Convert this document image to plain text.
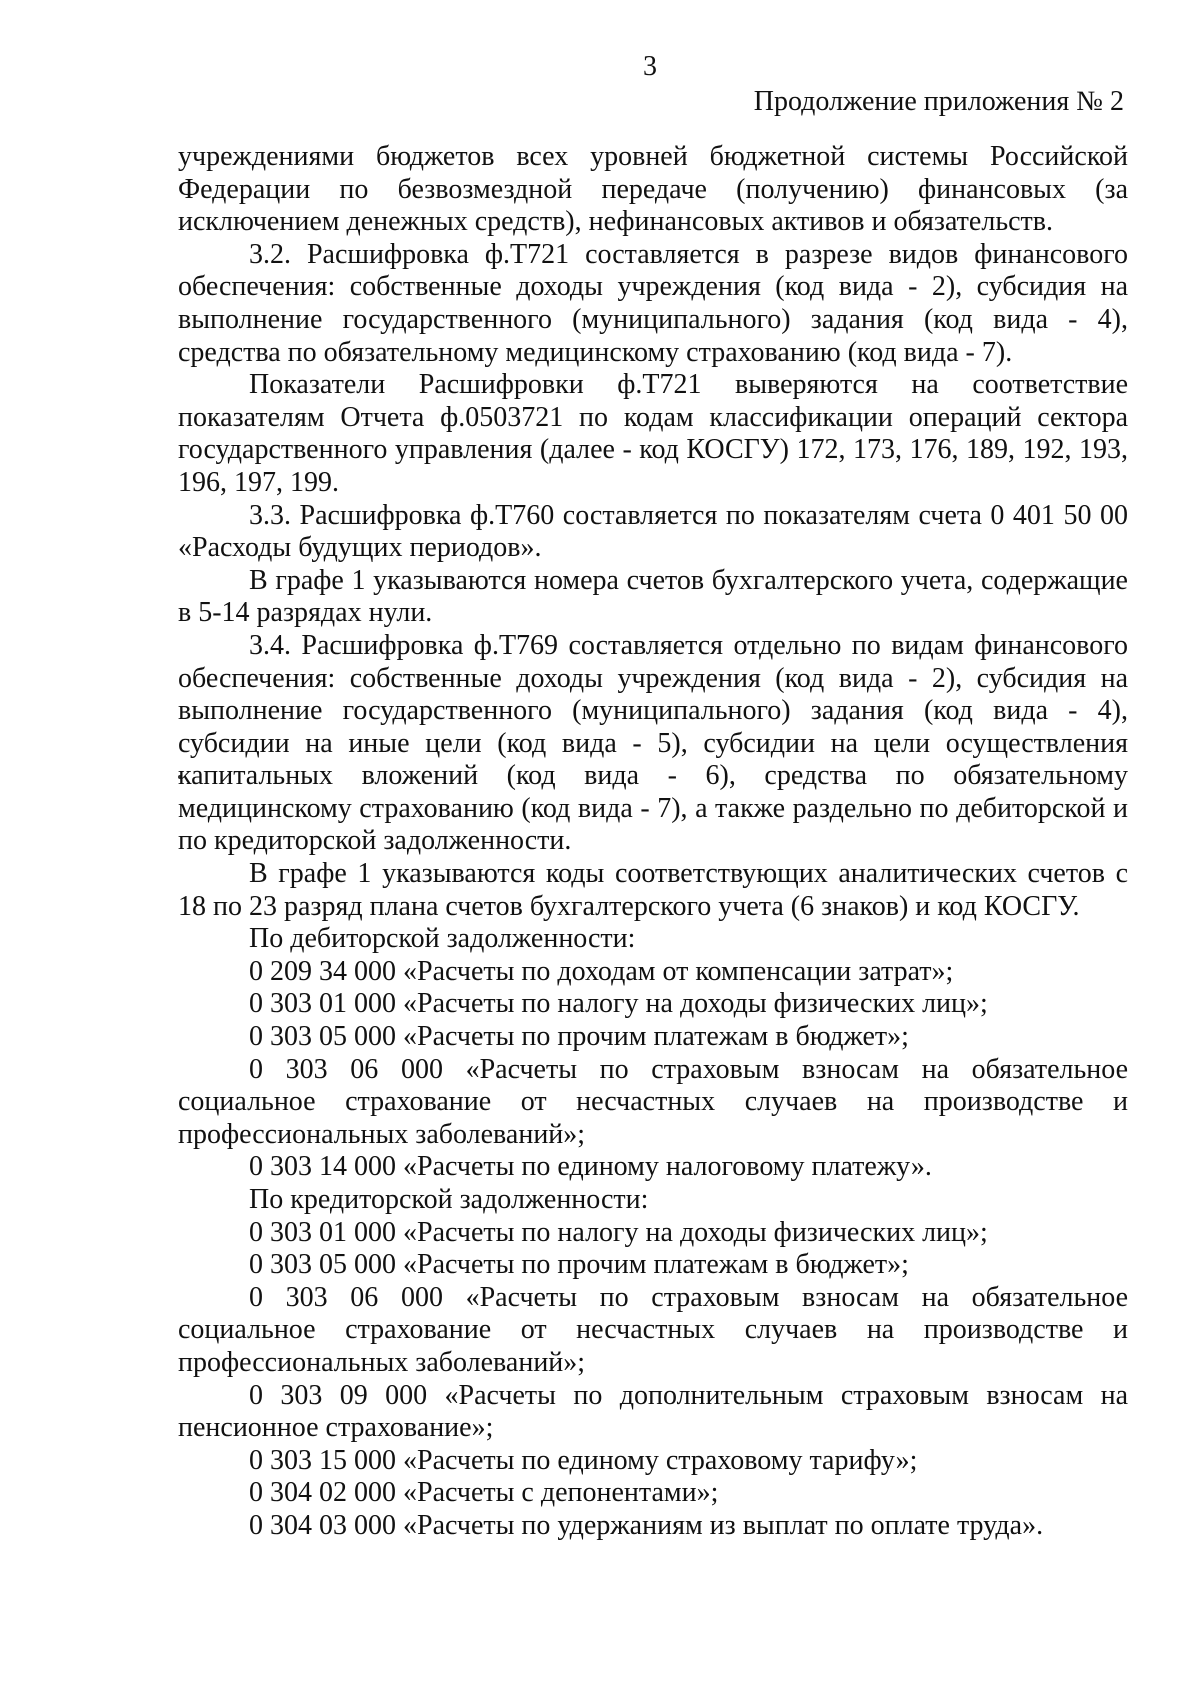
3
Продолжение приложения № 2

учреждениями бюджетов всех уровней бюджетной системы Российской Федерации по безвозмездной передаче (получению) финансовых (за исключением денежных средств), нефинансовых активов и обязательств.

3.2. Расшифровка ф.Т721 составляется в разрезе видов финансового обеспечения: собственные доходы учреждения (код вида - 2), субсидия на выполнение государственного (муниципального) задания (код вида - 4), средства по обязательному медицинскому страхованию (код вида - 7).

Показатели Расшифровки ф.Т721 выверяются на соответствие показателям Отчета ф.0503721 по кодам классификации операций сектора государственного управления (далее - код КОСГУ) 172, 173, 176, 189, 192, 193, 196, 197, 199.

3.3. Расшифровка ф.Т760 составляется по показателям счета 0 401 50 00 «Расходы будущих периодов».

В графе 1 указываются номера счетов бухгалтерского учета, содержащие в 5-14 разрядах нули.

3.4. Расшифровка ф.Т769 составляется отдельно по видам финансового обеспечения: собственные доходы учреждения (код вида - 2), субсидия на выполнение государственного (муниципального) задания (код вида - 4), субсидии на иные цели (код вида - 5), субсидии на цели осуществления капитальных вложений (код вида - 6), средства по обязательному медицинскому страхованию (код вида - 7), а также раздельно по дебиторской и по кредиторской задолженности.

В графе 1 указываются коды соответствующих аналитических счетов с 18 по 23 разряд плана счетов бухгалтерского учета (6 знаков) и код КОСГУ.

По дебиторской задолженности:

0 209 34 000 «Расчеты по доходам от компенсации затрат»;

0 303 01 000 «Расчеты по налогу на доходы физических лиц»;

0 303 05 000 «Расчеты по прочим платежам в бюджет»;

0 303 06 000 «Расчеты по страховым взносам на обязательное социальное страхование от несчастных случаев на производстве и профессиональных заболеваний»;

0 303 14 000 «Расчеты по единому налоговому платежу».

По кредиторской задолженности:

0 303 01 000 «Расчеты по налогу на доходы физических лиц»;

0 303 05 000 «Расчеты по прочим платежам в бюджет»;

0 303 06 000 «Расчеты по страховым взносам на обязательное социальное страхование от несчастных случаев на производстве и профессиональных заболеваний»;

0 303 09 000 «Расчеты по дополнительным страховым взносам на пенсионное страхование»;

0 303 15 000 «Расчеты по единому страховому тарифу»;

0 304 02 000 «Расчеты с депонентами»;

0 304 03 000 «Расчеты по удержаниям из выплат по оплате труда».
